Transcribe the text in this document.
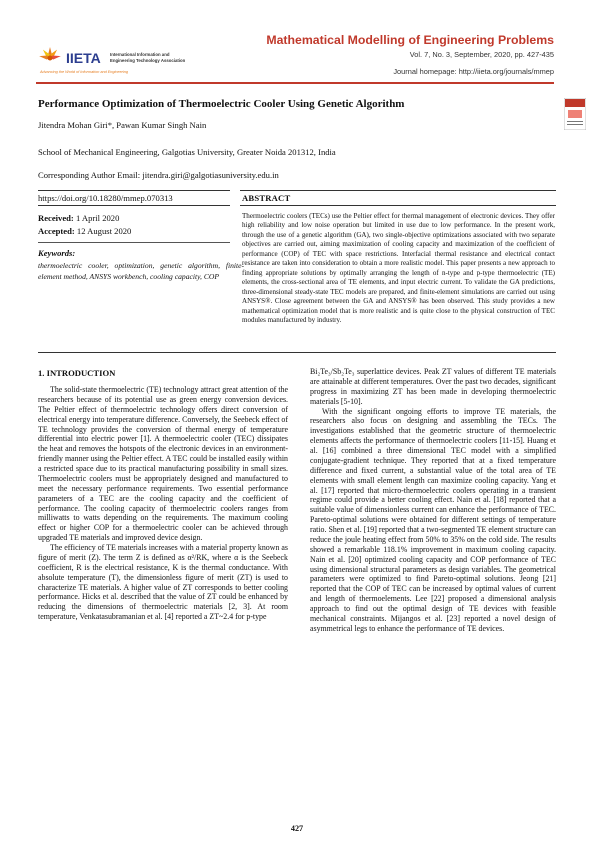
IIETA International Information and
Engineering Technology Association
Advancing the World of Information and Engineering
Mathematical Modelling of Engineering Problems
Vol. 7, No. 3, September, 2020, pp. 427-435
Journal homepage: http://iieta.org/journals/mmep
Performance Optimization of Thermoelectric Cooler Using Genetic Algorithm
Jitendra Mohan Giri*, Pawan Kumar Singh Nain
School of Mechanical Engineering, Galgotias University, Greater Noida 201312, India
Corresponding Author Email: jitendra.giri@galgotiasuniversity.edu.in
https://doi.org/10.18280/mmep.070313	ABSTRACT
Received: 1 April 2020
Accepted: 12 August 2020
Keywords:
thermoelectric cooler, optimization, genetic algorithm, finite-element method, ANSYS workbench, cooling capacity, COP
Thermoelectric coolers (TECs) use the Peltier effect for thermal management of electronic devices. They offer high reliability and low noise operation but limited in use due to low performance. In the present work, through the use of a genetic algorithm (GA), two single-objective optimizations associated with two separate objectives are carried out, aiming maximization of cooling capacity and maximization of the coefficient of performance (COP) of TEC with space restrictions. Interfacial thermal resistance and electrical contact resistance are taken into consideration to obtain a more realistic model. This paper presents a new approach to finding appropriate solutions by optimally arranging the length of n-type and p-type thermoelectric (TE) elements, the cross-sectional area of TE elements, and input electric current. To validate the GA predictions, three-dimensional steady-state TEC models are prepared, and finite-element simulations are carried out using ANSYS®. Close agreement between the GA and ANSYS® has been observed. This study provides a new mathematical optimization model that is more realistic and is quite close to the physical construction of TEC modules manufactured by industry.
1. INTRODUCTION

The solid-state thermoelectric (TE) technology attract great attention of the researchers because of its potential use as green energy conversion devices. The Peltier effect of thermoelectric technology offers direct conversion of electrical energy into temperature difference. Conversely, the Seebeck effect of TE technology provides the conversion of thermal energy of temperature differential into electric power [1]. A thermoelectric cooler (TEC) dissipates the heat and removes the hotspots of the electronic devices in an environment-friendly manner using the Peltier effect. A TEC could be installed easily within a restricted space due to its practical manufacturing possibility in small sizes. Thermoelectric coolers must be appropriately designed and manufactured to meet the necessary performance requirements. Two essential performance parameters of a TEC are the cooling capacity and the coefficient of performance. The cooling capacity of thermoelectric coolers ranges from milliwatts to watts depending on the requirements. The maximum cooling effect or higher COP for a thermoelectric cooler can be achieved through upgraded TE materials and improved device design.

The efficiency of TE materials increases with a material property known as figure of merit (Z). The term Z is defined as α²/RK, where α is the Seebeck coefficient, R is the electrical resistance, K is the thermal conductance. With absolute temperature (T), the dimensionless figure of merit (ZT) is used to characterize TE materials. A higher value of ZT corresponds to better cooling performance. Hicks et al. described that the value of ZT could be enhanced by reducing the dimensions of thermoelectric materials [2, 3]. At room temperature, Venkatasubramanian et al. [4] reported a ZT~2.4 for p-type

Bi₂Te₃/Sb₂Te₃ superlattice devices. Peak ZT values of different TE materials are attainable at different temperatures. Over the past two decades, significant progress in maximizing ZT has been made in developing thermoelectric materials [5-10].

With the significant ongoing efforts to improve TE materials, the researchers also focus on designing and assembling the TECs. The investigations established that the geometric structure of thermoelectric elements affects the performance of thermoelectric coolers [11-15]. Huang et al. [16] combined a three dimensional TEC model with a simplified conjugate-gradient technique. They reported that at a fixed temperature difference and fixed current, a substantial value of the total area of TE elements with small element length can maximize cooling capacity. Yang et al. [17] reported that micro-thermoelectric coolers operating in a transient regime could provide a better cooling effect. Nain et al. [18] reported that a suitable value of dimensionless current can enhance the performance of TEC. Pareto-optimal solutions were obtained for different settings of temperature ratio. Shen et al. [19] reported that a two-segmented TE element structure can reduce the joule heating effect from 50% to 35% on the cold side. The results showed a remarkable 118.1% improvement in maximum cooling capacity. Nain et al. [20] optimized cooling capacity and COP performance of TEC using dimensional structural parameters as design variables. The geometrical parameters were optimized to find Pareto-optimal solutions. Jeong [21] reported that the COP of TEC can be increased by optimal values of current and length of thermoelements. Lee [22] proposed a dimensional analysis approach to find out the optimal design of TE devices with feasible mechanical constraints. Mijangos et al. [23] reported a novel design of asymmetrical legs to enhance the performance of TE devices.

427
